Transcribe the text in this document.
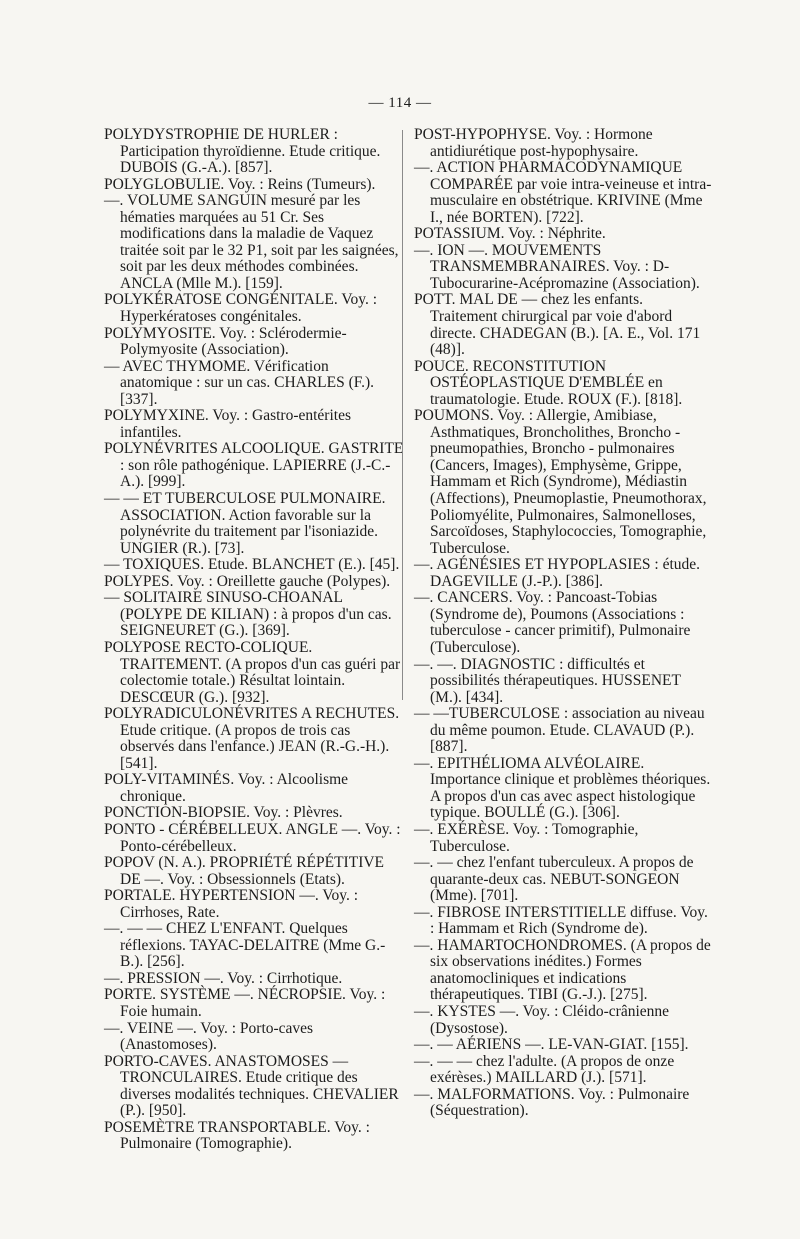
— 114 —

POLYDYSTROPHIE DE HURLER : Participation thyroïdienne. Etude critique. DUBOIS (G.-A.). [857].

POLYGLOBULIE. Voy. : Reins (Tumeurs).

—. VOLUME SANGUIN mesuré par les hématies marquées au 51 Cr. Ses modifications dans la maladie de Vaquez traitée soit par le 32 P1, soit par les saignées, soit par les deux méthodes combinées. ANCLA (Mlle M.). [159].

POLYKÉRATOSE CONGÉNITALE. Voy. : Hyperkératoses congénitales.

POLYMYOSITE. Voy. : Sclérodermie-Polymyosite (Association).

— AVEC THYMOME. Vérification anatomique : sur un cas. CHARLES (F.). [337].

POLYMYXINE. Voy. : Gastro-entérites infantiles.

POLYNÉVRITES ALCOOLIQUE. GASTRITE : son rôle pathogénique. LAPIERRE (J.-C.-A.). [999].

— — ET TUBERCULOSE PULMONAIRE. ASSOCIATION. Action favorable sur la polynévrite du traitement par l'isoniazide. UNGIER (R.). [73].

— TOXIQUES. Etude. BLANCHET (E.). [45].

POLYPES. Voy. : Oreillette gauche (Polypes).

— SOLITAIRE SINUSO-CHOANAL (POLYPE DE KILIAN) : à propos d'un cas. SEIGNEURET (G.). [369].

POLYPOSE RECTO-COLIQUE. TRAITEMENT. (A propos d'un cas guéri par colectomie totale.) Résultat lointain. DESCŒUR (G.). [932].

POLYRADICULONÉVRITES A RECHUTES. Etude critique. (A propos de trois cas observés dans l'enfance.) JEAN (R.-G.-H.). [541].

POLY-VITAMINÉS. Voy. : Alcoolisme chronique.

PONCTION-BIOPSIE. Voy. : Plèvres.

PONTO - CÉRÉBELLEUX. ANGLE —. Voy. : Ponto-cérébelleux.

POPOV (N. A.). PROPRIÉTÉ RÉPÉTITIVE DE —. Voy. : Obsessionnels (Etats).

PORTALE. HYPERTENSION —. Voy. : Cirrhoses, Rate.

—. — — CHEZ L'ENFANT. Quelques réflexions. TAYAC-DELAITRE (Mme G.-B.). [256].

—. PRESSION —. Voy. : Cirrhotique.

PORTE. SYSTÈME —. NÉCROPSIE. Voy. : Foie humain.

—. VEINE —. Voy. : Porto-caves (Anastomoses).

PORTO-CAVES. ANASTOMOSES — TRONCULAIRES. Etude critique des diverses modalités techniques. CHEVALIER (P.). [950].

POSEMÈTRE TRANSPORTABLE. Voy. : Pulmonaire (Tomographie).

POST-HYPOPHYSE. Voy. : Hormone antidiurétique post-hypophysaire.

—. ACTION PHARMACODYNAMIQUE COMPARÉE par voie intra-veineuse et intra-musculaire en obstétrique. KRIVINE (Mme I., née BORTEN). [722].

POTASSIUM. Voy. : Néphrite.

—. ION —. MOUVEMENTS TRANSMEMBRANAIRES. Voy. : D-Tubocurarine-Acépromazine (Association).

POTT. MAL DE — chez les enfants. Traitement chirurgical par voie d'abord directe. CHADEGAN (B.). [A. E., Vol. 171 (48)].

POUCE. RECONSTITUTION OSTÉOPLASTIQUE D'EMBLÉE en traumatologie. Etude. ROUX (F.). [818].

POUMONS. Voy. : Allergie, Amibiase, Asthmatiques, Broncholithes, Broncho - pneumopathies, Broncho - pulmonaires (Cancers, Images), Emphysème, Grippe, Hammam et Rich (Syndrome), Médiastin (Affections), Pneumoplastie, Pneumothorax, Poliomyélite, Pulmonaires, Salmonelloses, Sarcoïdoses, Staphylococcies, Tomographie, Tuberculose.

—. AGÉNÉSIES ET HYPOPLASIES : étude. DAGEVILLE (J.-P.). [386].

—. CANCERS. Voy. : Pancoast-Tobias (Syndrome de), Poumons (Associations : tuberculose - cancer primitif), Pulmonaire (Tuberculose).

—. —. DIAGNOSTIC : difficultés et possibilités thérapeutiques. HUSSENET (M.). [434].

— —TUBERCULOSE : association au niveau du même poumon. Etude. CLAVAUD (P.). [887].

—. EPITHÉLIOMA ALVÉOLAIRE. Importance clinique et problèmes théoriques. A propos d'un cas avec aspect histologique typique. BOULLÉ (G.). [306].

—. EXÉRÈSE. Voy. : Tomographie, Tuberculose.

—. — chez l'enfant tuberculeux. A propos de quarante-deux cas. NEBUT-SONGEON (Mme). [701].

—. FIBROSE INTERSTITIELLE diffuse. Voy. : Hammam et Rich (Syndrome de).

—. HAMARTOCHONDROMES. (A propos de six observations inédites.) Formes anatomocliniques et indications thérapeutiques. TIBI (G.-J.). [275].

—. KYSTES —. Voy. : Cléido-crânienne (Dysostose).

—. — AÉRIENS —. LE-VAN-GIAT. [155].

—. — — chez l'adulte. (A propos de onze exérèses.) MAILLARD (J.). [571].

—. MALFORMATIONS. Voy. : Pulmonaire (Séquestration).
